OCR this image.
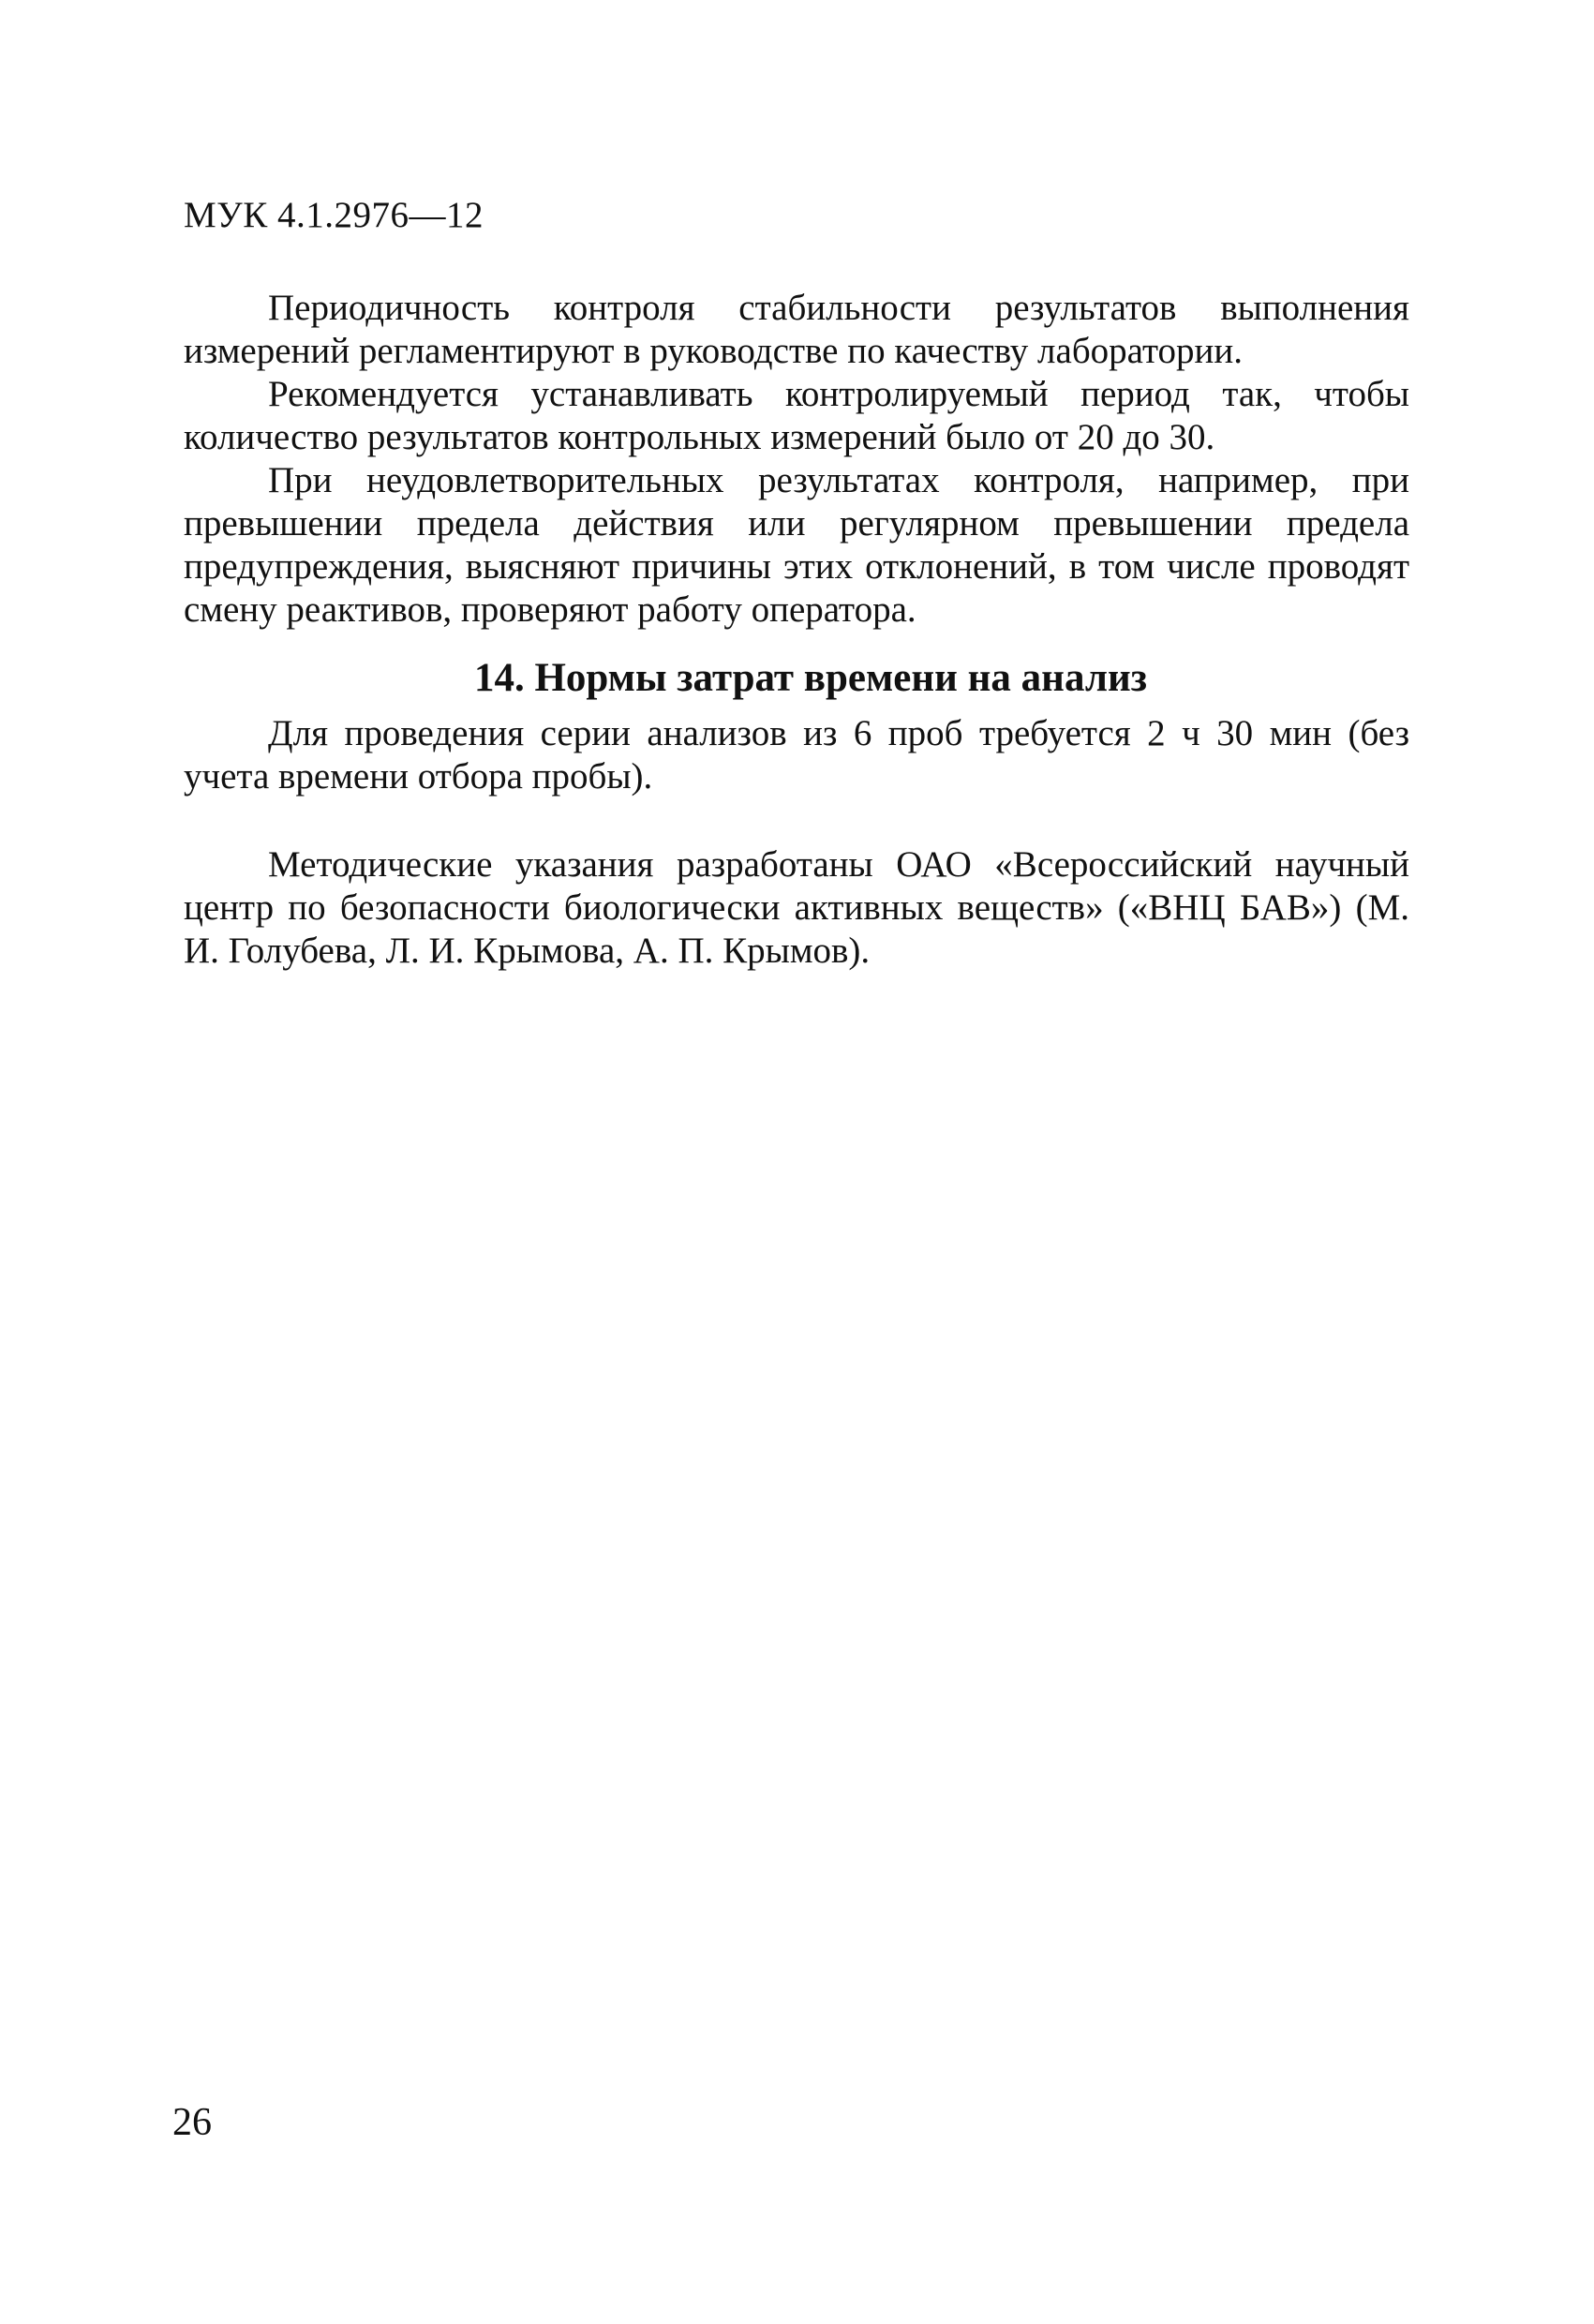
МУК 4.1.2976—12

Периодичность контроля стабильности результатов выполнения измерений регламентируют в руководстве по качеству лаборатории.

Рекомендуется устанавливать контролируемый период так, чтобы количество результатов контрольных измерений было от 20 до 30.

При неудовлетворительных результатах контроля, например, при превышении предела действия или регулярном превышении предела предупреждения, выясняют причины этих отклонений, в том числе проводят смену реактивов, проверяют работу оператора.

14. Нормы затрат времени на анализ

Для проведения серии анализов из 6 проб требуется 2 ч 30 мин (без учета времени отбора пробы).

Методические указания разработаны ОАО «Всероссийский научный центр по безопасности биологически активных веществ» («ВНЦ БАВ») (М. И. Голубева, Л. И. Крымова, А. П. Крымов).

26
